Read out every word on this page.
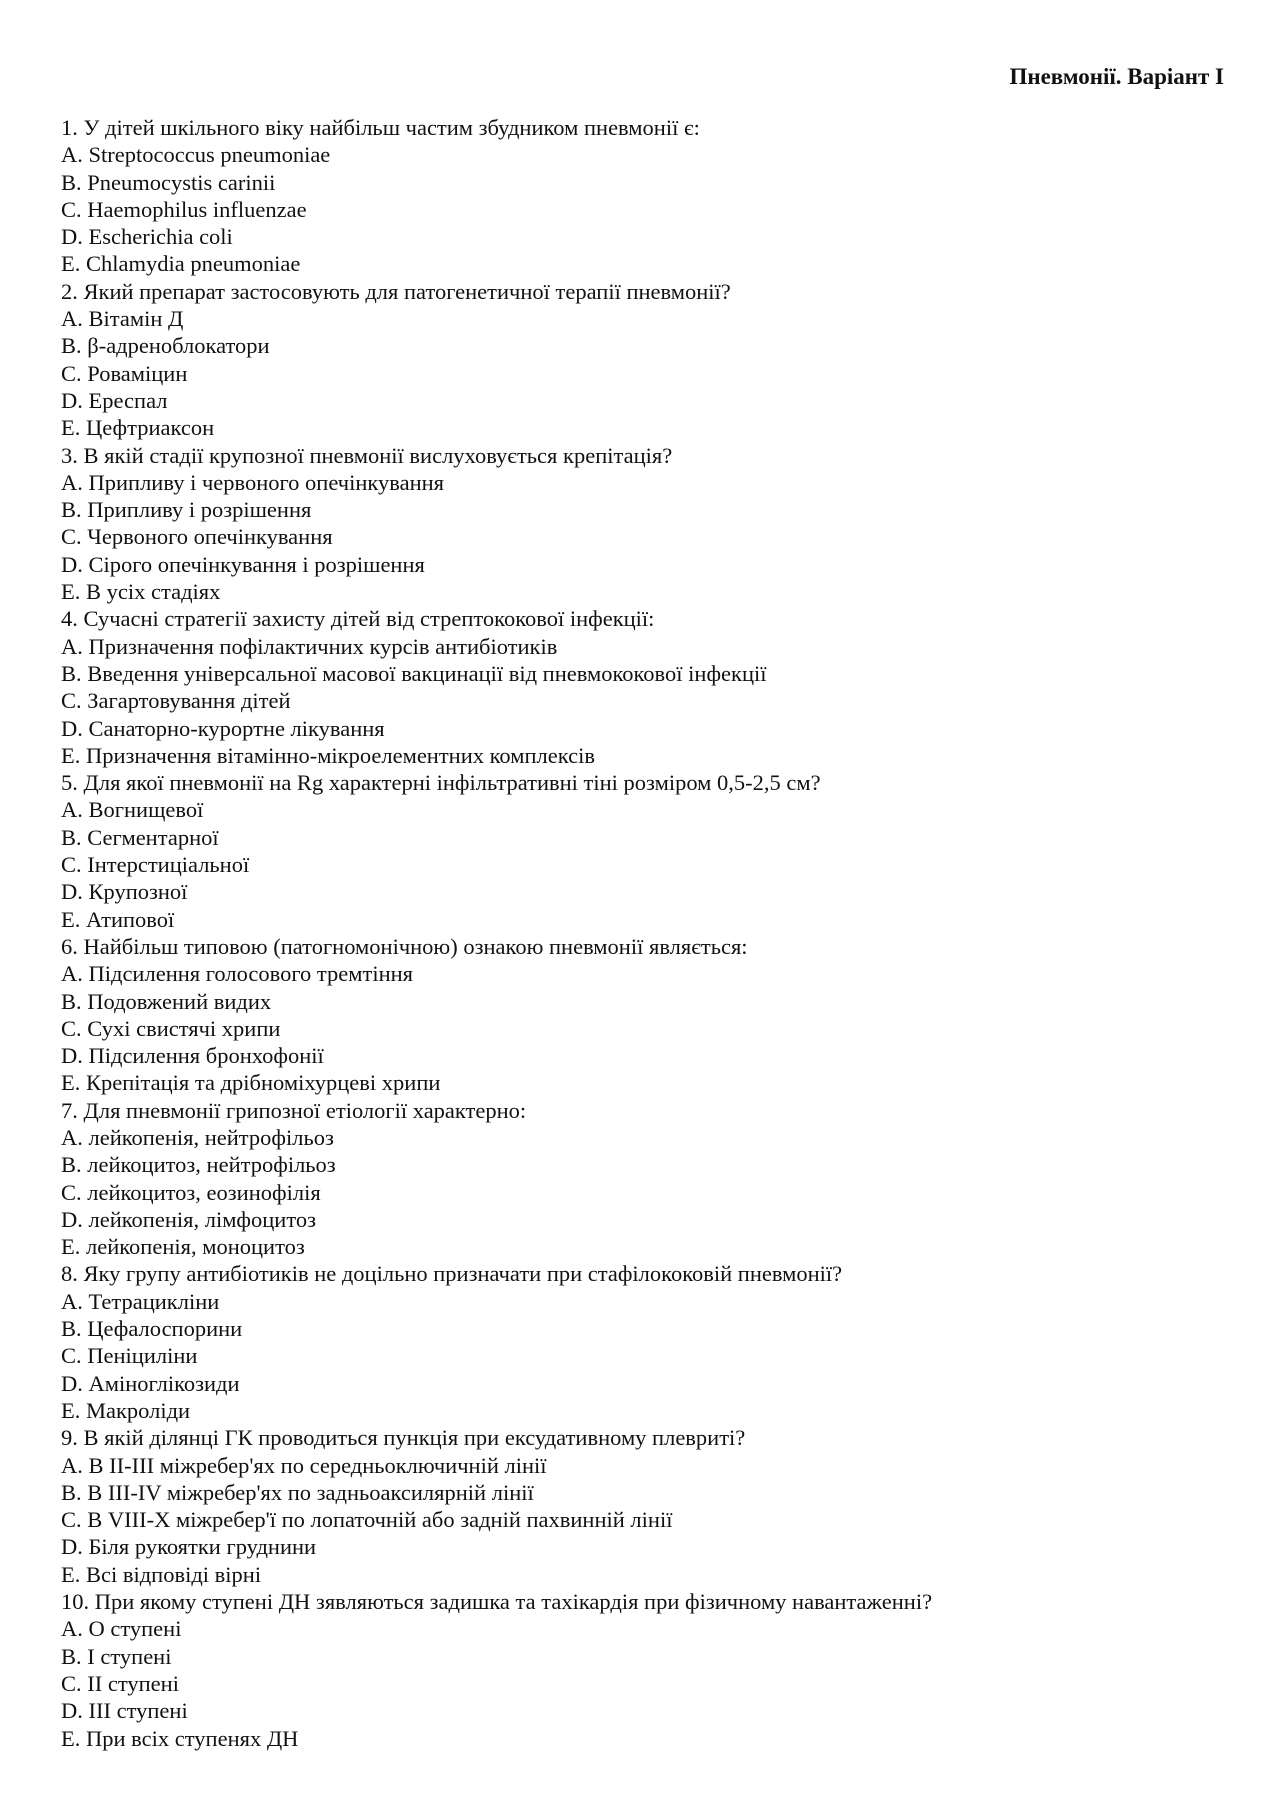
Пневмонії. Варіант І
1. У дітей шкільного віку найбільш частим збудником пневмонії є:
А. Streptococcus pneumoniae
В. Pneumocystis carinii
С. Haemophilus influenzae
D. Escherichia coli
Е. Chlamydia pneumoniae
2. Який препарат застосовують для патогенетичної терапії пневмонії?
А. Вітамін Д
В. β-адреноблокатори
С. Роваміцин
D. Ереспал
Е. Цефтриаксон
3. В якій стадії крупозної пневмонії вислуховується крепітація?
А. Припливу і червоного опечінкування
В. Припливу і розрішення
С. Червоного опечінкування
D. Сірого опечінкування і розрішення
Е. В усіх стадіях
4. Сучасні стратегії захисту дітей від стрептококової інфекції:
А. Призначення пофілактичних курсів антибіотиків
В. Введення універсальної масової вакцинації від пневмококової інфекції
С. Загартовування дітей
D. Санаторно-курортне лікування
Е. Призначення вітамінно-мікроелементних комплексів
5. Для якої пневмонії на Rg характерні інфільтративні тіні розміром 0,5-2,5 см?
А. Вогнищевої
В. Сегментарної
С. Інтерстиціальної
D. Крупозної
Е. Атипової
6. Найбільш типовою (патогномонічною) ознакою пневмонії являється:
А. Підсилення голосового тремтіння
В. Подовжений видих
С. Сухі свистячі хрипи
D. Підсилення бронхофонії
Е. Крепітація та дрібноміхурцеві хрипи
7. Для пневмонії грипозної етіології характерно:
А. лейкопенія, нейтрофільоз
В. лейкоцитоз, нейтрофільоз
С. лейкоцитоз, еозинофілія
D. лейкопенія, лімфоцитоз
Е. лейкопенія, моноцитоз
8. Яку групу антибіотиків не доцільно призначати при стафілококовій пневмонії?
А. Тетрацикліни
В. Цефалоспорини
С. Пеніциліни
D. Аміноглікозиди
Е. Макроліди
9. В якій ділянці ГК проводиться пункція при ексудативному плевриті?
А. В ІІ-ІІІ міжребер'ях по середньоключичній лінії
В. В ІІІ-IV міжребер'ях по задньоаксилярній лінії
С. В VIII-X міжребер'ї по лопаточній або задній пахвинній лінії
D. Біля рукоятки груднини
Е. Всі відповіді вірні
10. При якому ступені ДН зявляються задишка та тахікардія при фізичному навантаженні?
А. О ступені
В. І ступені
С. ІІ ступені
D. ІІІ ступені
Е. При всіх ступенях ДН
